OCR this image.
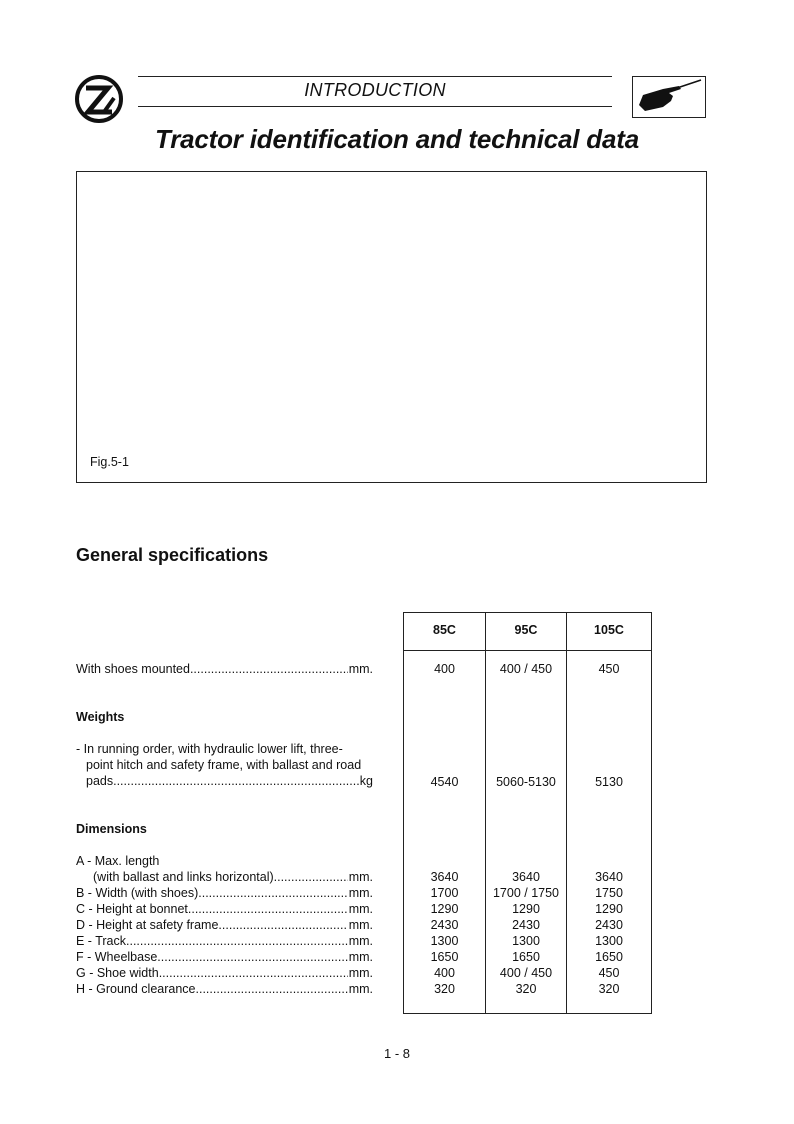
INTRODUCTION
Tractor identification and technical data
Fig.5-1
General specifications
85C	95C	105C
With shoes mounted .....	mm.	400	400 / 450	450
Weights
- In running order, with hydraulic lower lift, three-
point hitch and safety frame, with ballast and road
pads .....	kg	4540	5060-5130	5130
Dimensions
A - Max. length
(with ballast and links horizontal) .....	mm.	3640	3640	3640
B - Width (with shoes) .....	mm.	1700	1700 / 1750	1750
C - Height at bonnet .....	mm.	1290	1290	1290
D - Height at safety frame .....	mm.	2430	2430	2430
E - Track .....	mm.	1300	1300	1300
F - Wheelbase .....	mm.	1650	1650	1650
G - Shoe width .....	mm.	400	400 / 450	450
H - Ground clearance .....	mm.	320	320	320
1 - 8
